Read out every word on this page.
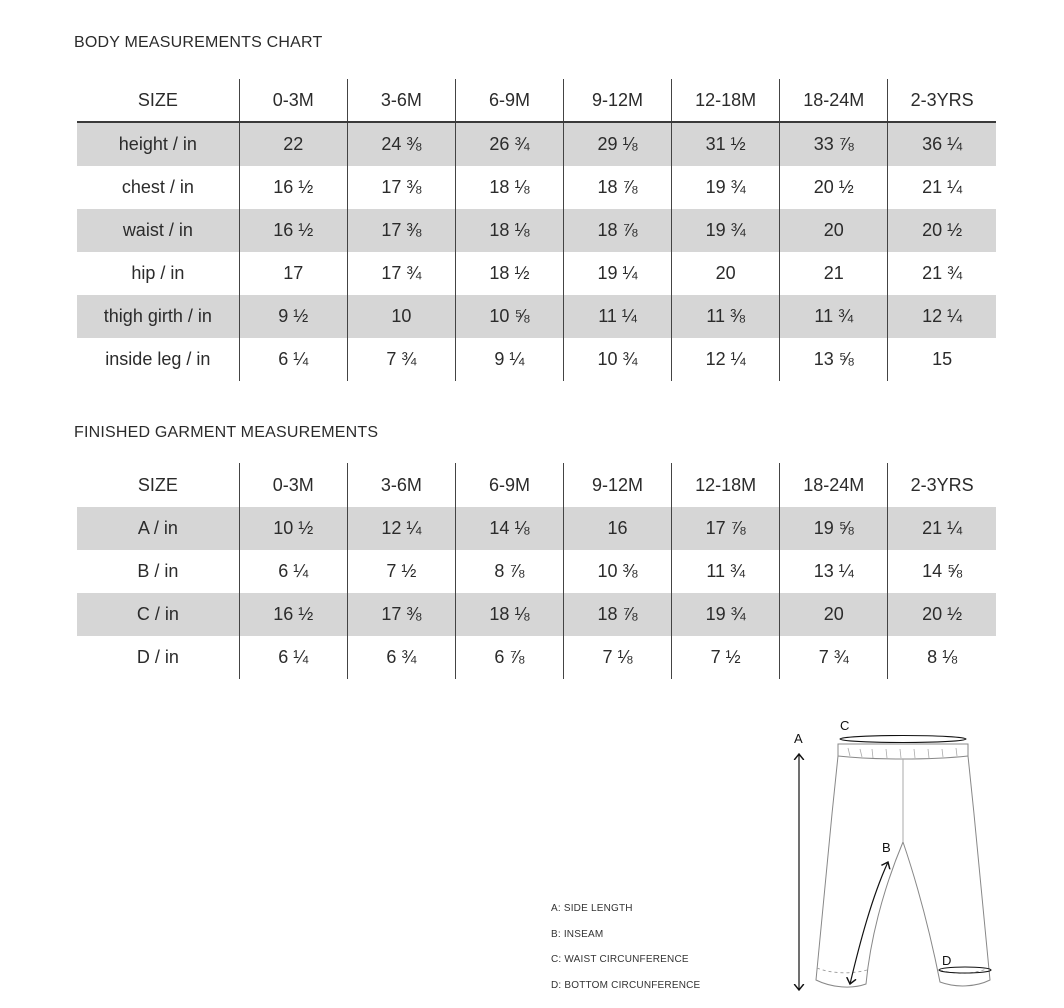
BODY MEASUREMENTS CHART
SIZE	0-3M	3-6M	6-9M	9-12M	12-18M	18-24M	2-3YRS
height / in	22	24 ⅜	26 ¾	29 ⅛	31 ½	33 ⅞	36 ¼
chest / in	16 ½	17 ⅜	18 ⅛	18 ⅞	19 ¾	20 ½	21 ¼
waist / in	16 ½	17 ⅜	18 ⅛	18 ⅞	19 ¾	20	20 ½
hip / in	17	17 ¾	18 ½	19 ¼	20	21	21 ¾
thigh girth / in	9 ½	10	10 ⅝	11 ¼	11 ⅜	11 ¾	12 ¼
inside leg / in	6 ¼	7 ¾	9 ¼	10 ¾	12 ¼	13 ⅝	15
FINISHED GARMENT MEASUREMENTS
SIZE	0-3M	3-6M	6-9M	9-12M	12-18M	18-24M	2-3YRS
A / in	10 ½	12 ¼	14 ⅛	16	17 ⅞	19 ⅝	21 ¼
B / in	6 ¼	7 ½	8 ⅞	10 ⅜	11 ¾	13 ¼	14 ⅝
C / in	16 ½	17 ⅜	18 ⅛	18 ⅞	19 ¾	20	20 ½
D / in	6 ¼	6 ¾	6 ⅞	7 ⅛	7 ½	7 ¾	8 ⅛
A: SIDE LENGTH
B: INSEAM
C: WAIST CIRCUNFERENCE
D: BOTTOM CIRCUNFERENCE
A
C
B
D
